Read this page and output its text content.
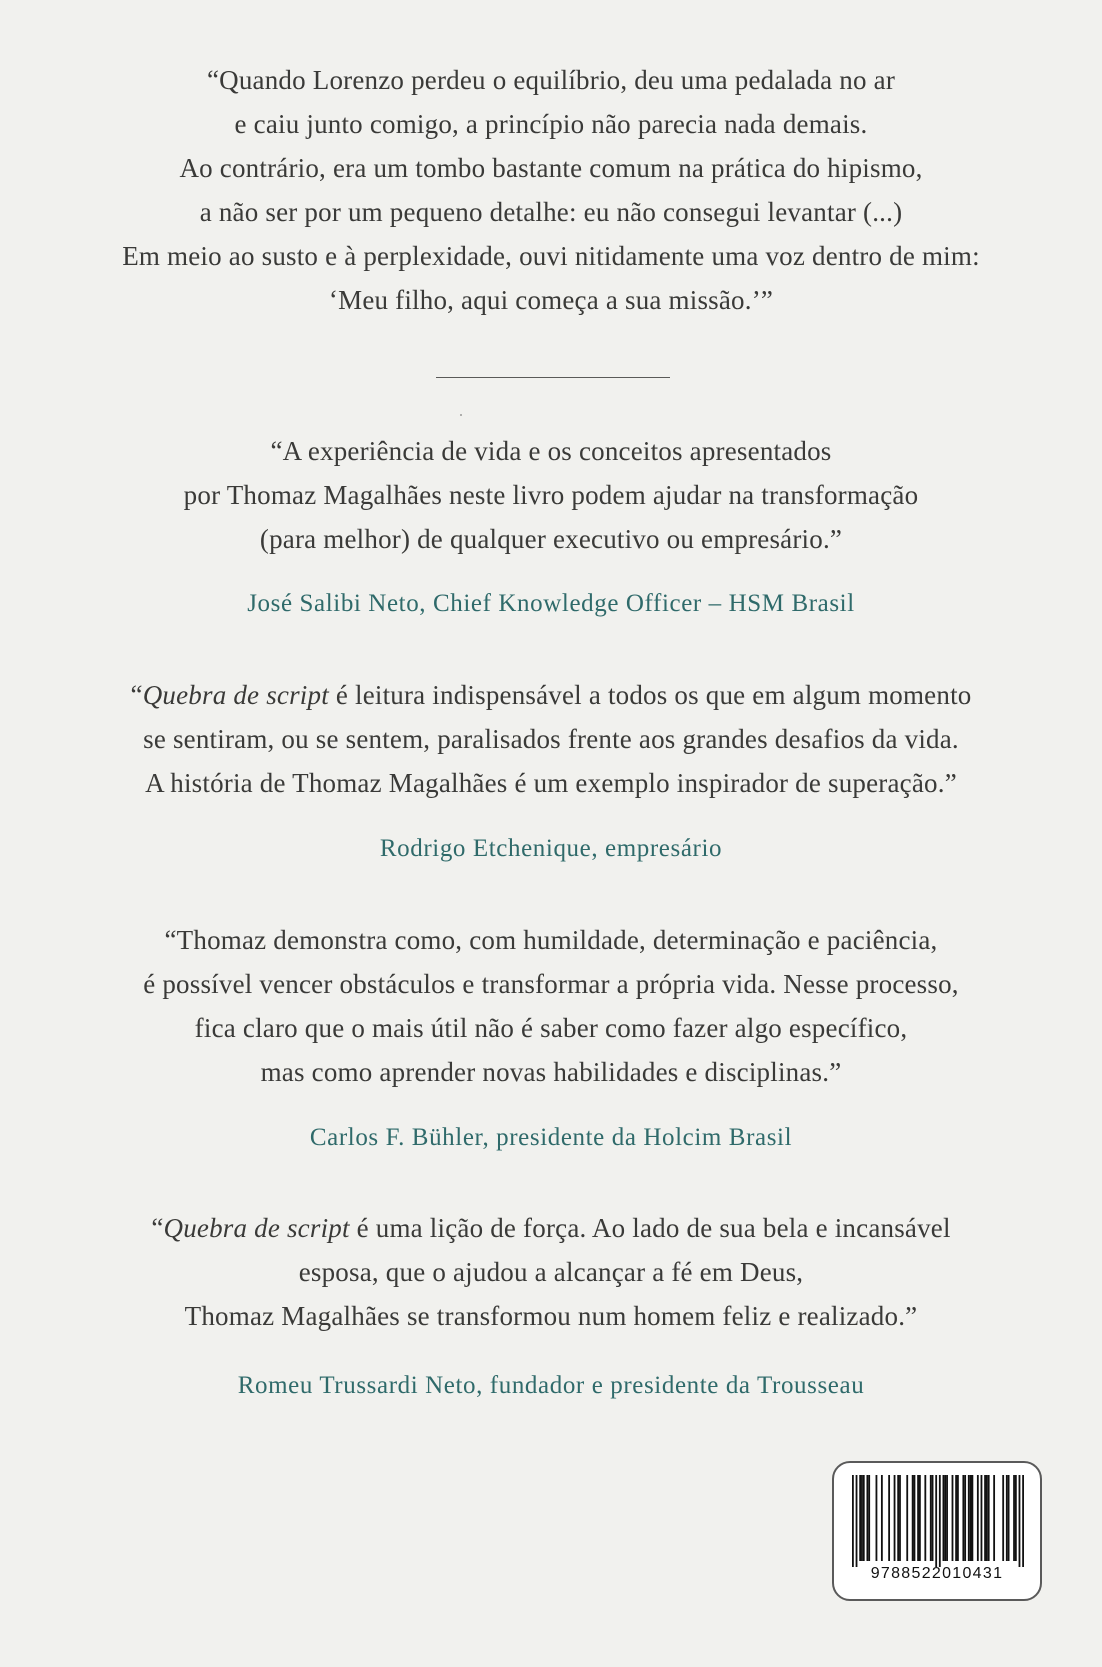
“Quando Lorenzo perdeu o equilíbrio, deu uma pedalada no ar
e caiu junto comigo, a princípio não parecia nada demais.
Ao contrário, era um tombo bastante comum na prática do hipismo,
a não ser por um pequeno detalhe: eu não consegui levantar (...)
Em meio ao susto e à perplexidade, ouvi nitidamente uma voz dentro de mim:
‘Meu filho, aqui começa a sua missão.’”
“A experiência de vida e os conceitos apresentados
por Thomaz Magalhães neste livro podem ajudar na transformação
(para melhor) de qualquer executivo ou empresário.”
José Salibi Neto, Chief Knowledge Officer – HSM Brasil
“Quebra de script é leitura indispensável a todos os que em algum momento
se sentiram, ou se sentem, paralisados frente aos grandes desafios da vida.
A história de Thomaz Magalhães é um exemplo inspirador de superação.”
Rodrigo Etchenique, empresário
“Thomaz demonstra como, com humildade, determinação e paciência,
é possível vencer obstáculos e transformar a própria vida. Nesse processo,
fica claro que o mais útil não é saber como fazer algo específico,
mas como aprender novas habilidades e disciplinas.”
Carlos F. Bühler, presidente da Holcim Brasil
“Quebra de script é uma lição de força. Ao lado de sua bela e incansável
esposa, que o ajudou a alcançar a fé em Deus,
Thomaz Magalhães se transformou num homem feliz e realizado.”
Romeu Trussardi Neto, fundador e presidente da Trousseau
9788522010431
